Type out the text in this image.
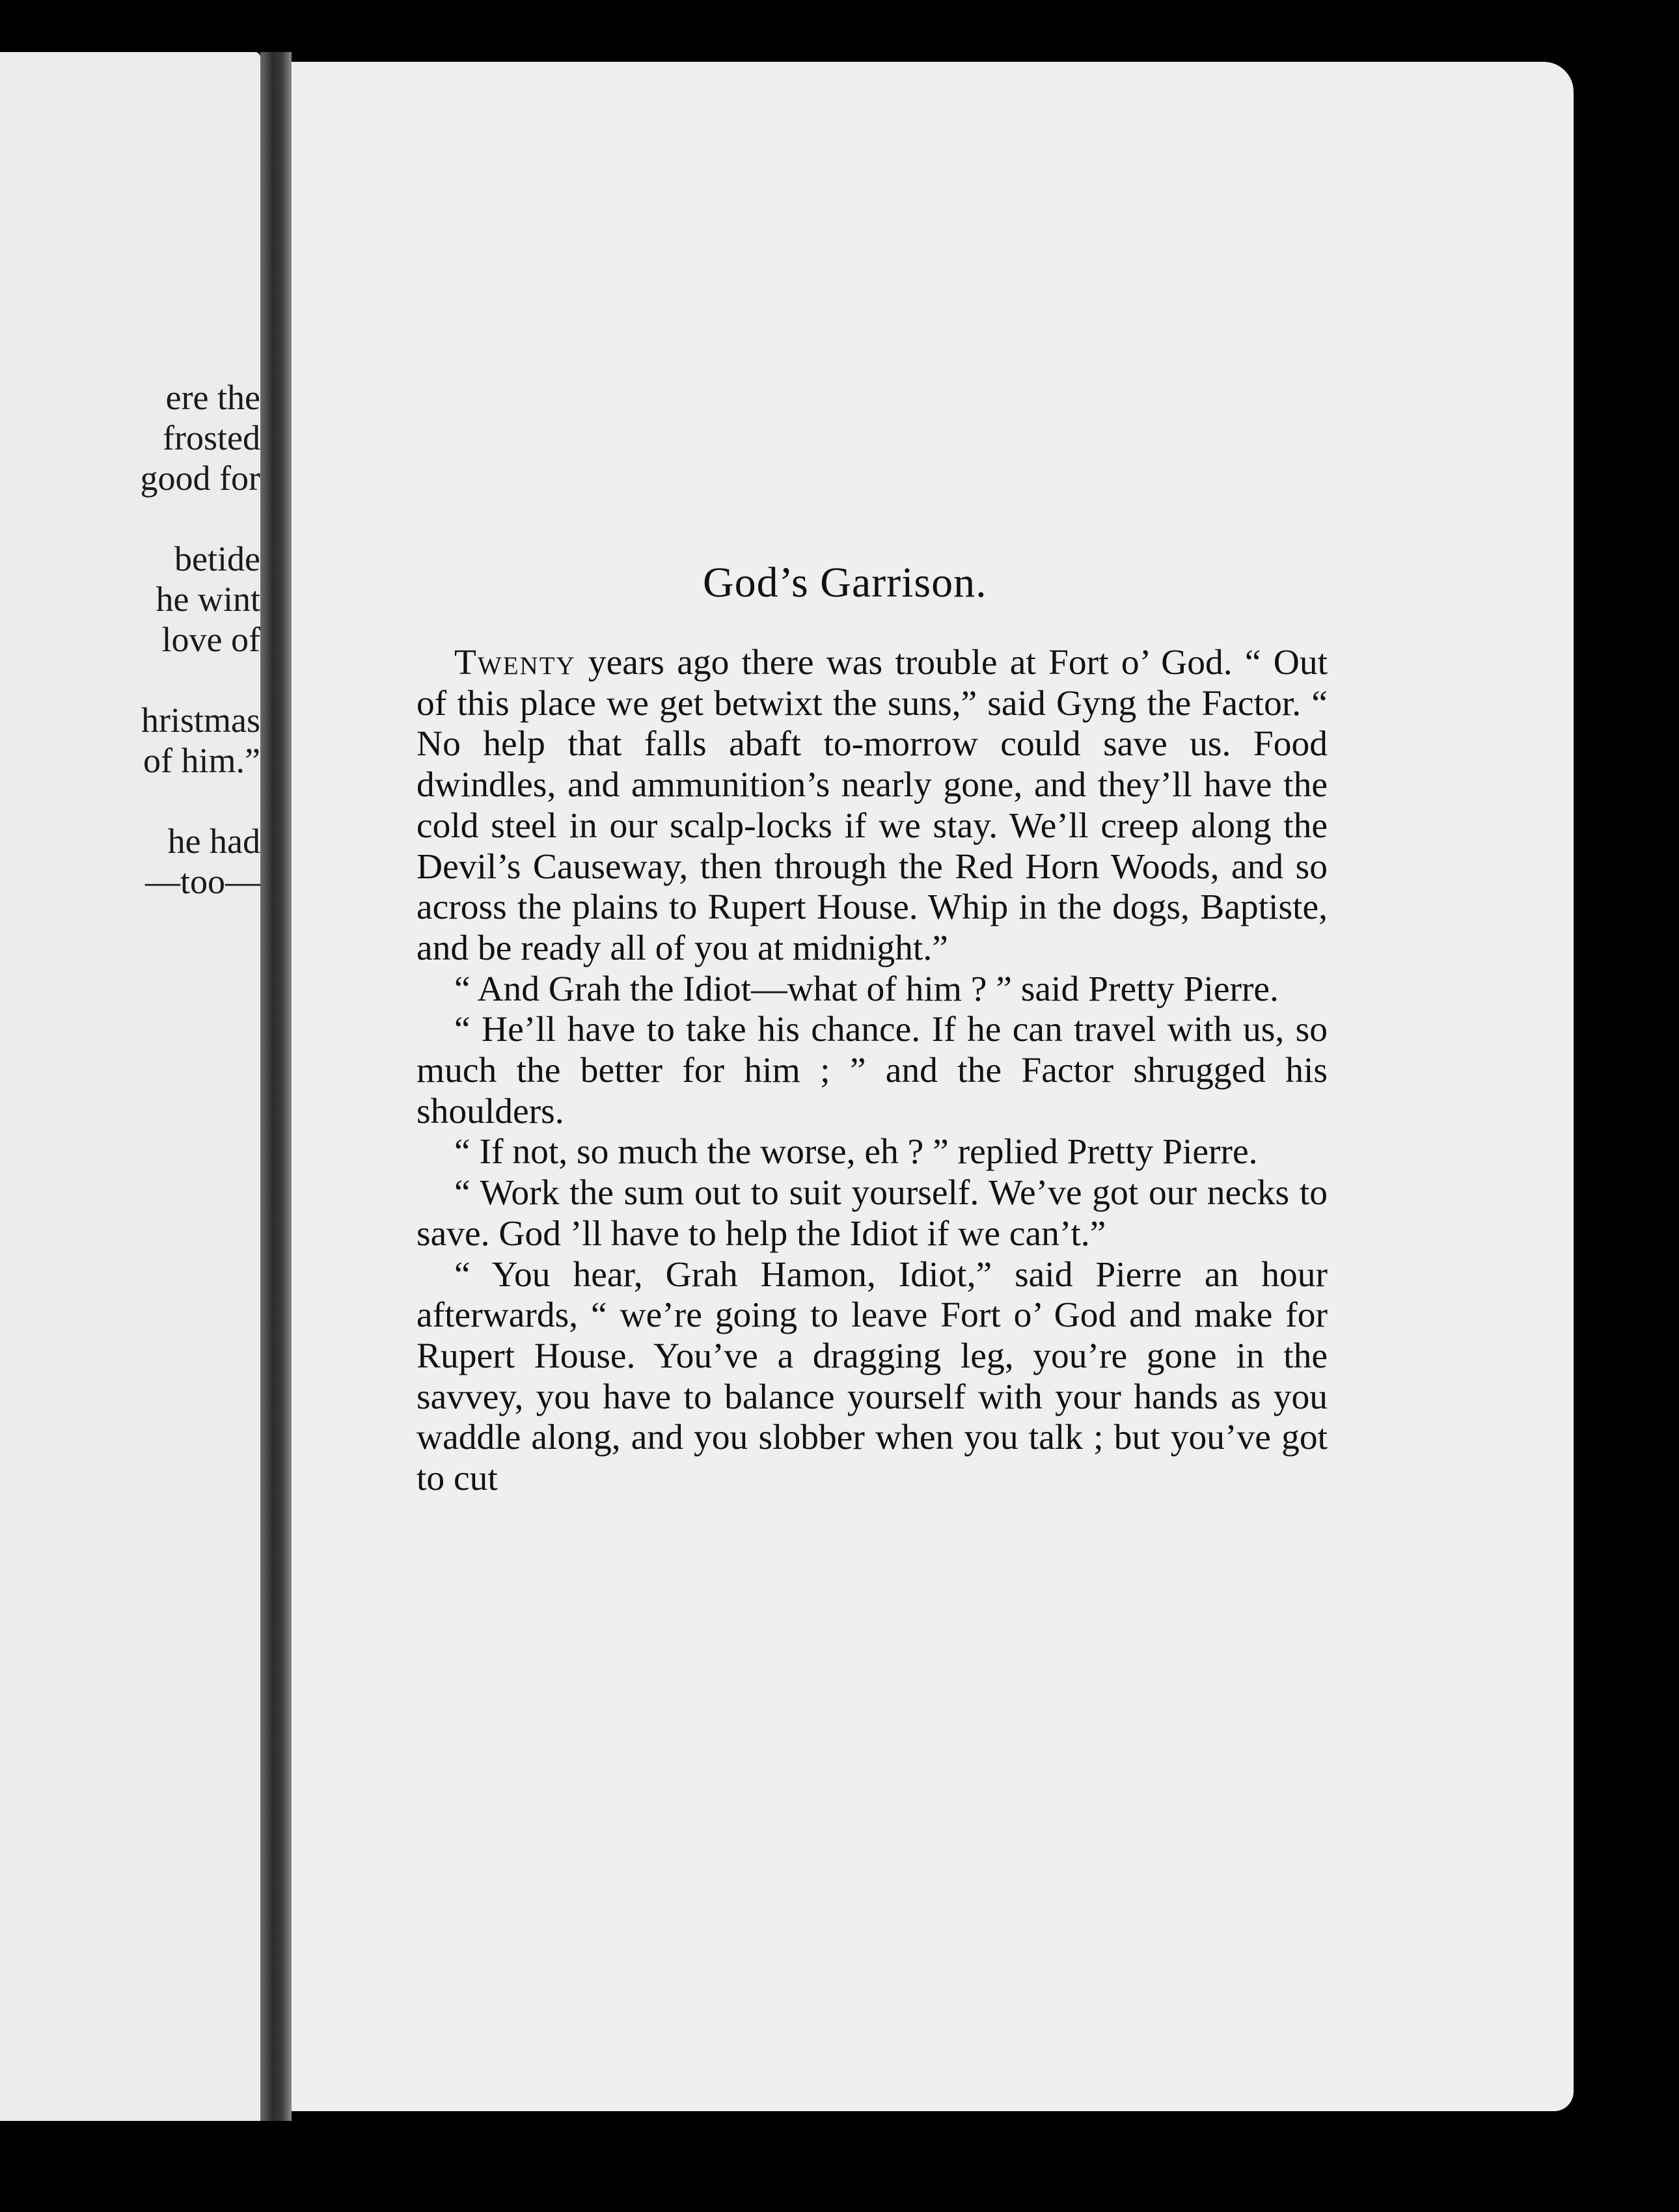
ere the
frosted
good for

betide
he wint
love of

hristmas
of him.”

he had
—too—
God’s Garrison.

Twenty years ago there was trouble at Fort o’ God. “ Out of this place we get betwixt the suns,” said Gyng the Factor. “ No help that falls abaft to-morrow could save us. Food dwindles, and ammunition’s nearly gone, and they’ll have the cold steel in our scalp-locks if we stay. We’ll creep along the Devil’s Causeway, then through the Red Horn Woods, and so across the plains to Rupert House. Whip in the dogs, Baptiste, and be ready all of you at midnight.”

“ And Grah the Idiot—what of him ? ” said Pretty Pierre.

“ He’ll have to take his chance. If he can travel with us, so much the better for him ; ” and the Factor shrugged his shoulders.

“ If not, so much the worse, eh ? ” replied Pretty Pierre.

“ Work the sum out to suit yourself. We’ve got our necks to save. God ’ll have to help the Idiot if we can’t.”

“ You hear, Grah Hamon, Idiot,” said Pierre an hour afterwards, “ we’re going to leave Fort o’ God and make for Rupert House. You’ve a dragging leg, you’re gone in the savvey, you have to balance yourself with your hands as you waddle along, and you slobber when you talk ; but you’ve got to cut
